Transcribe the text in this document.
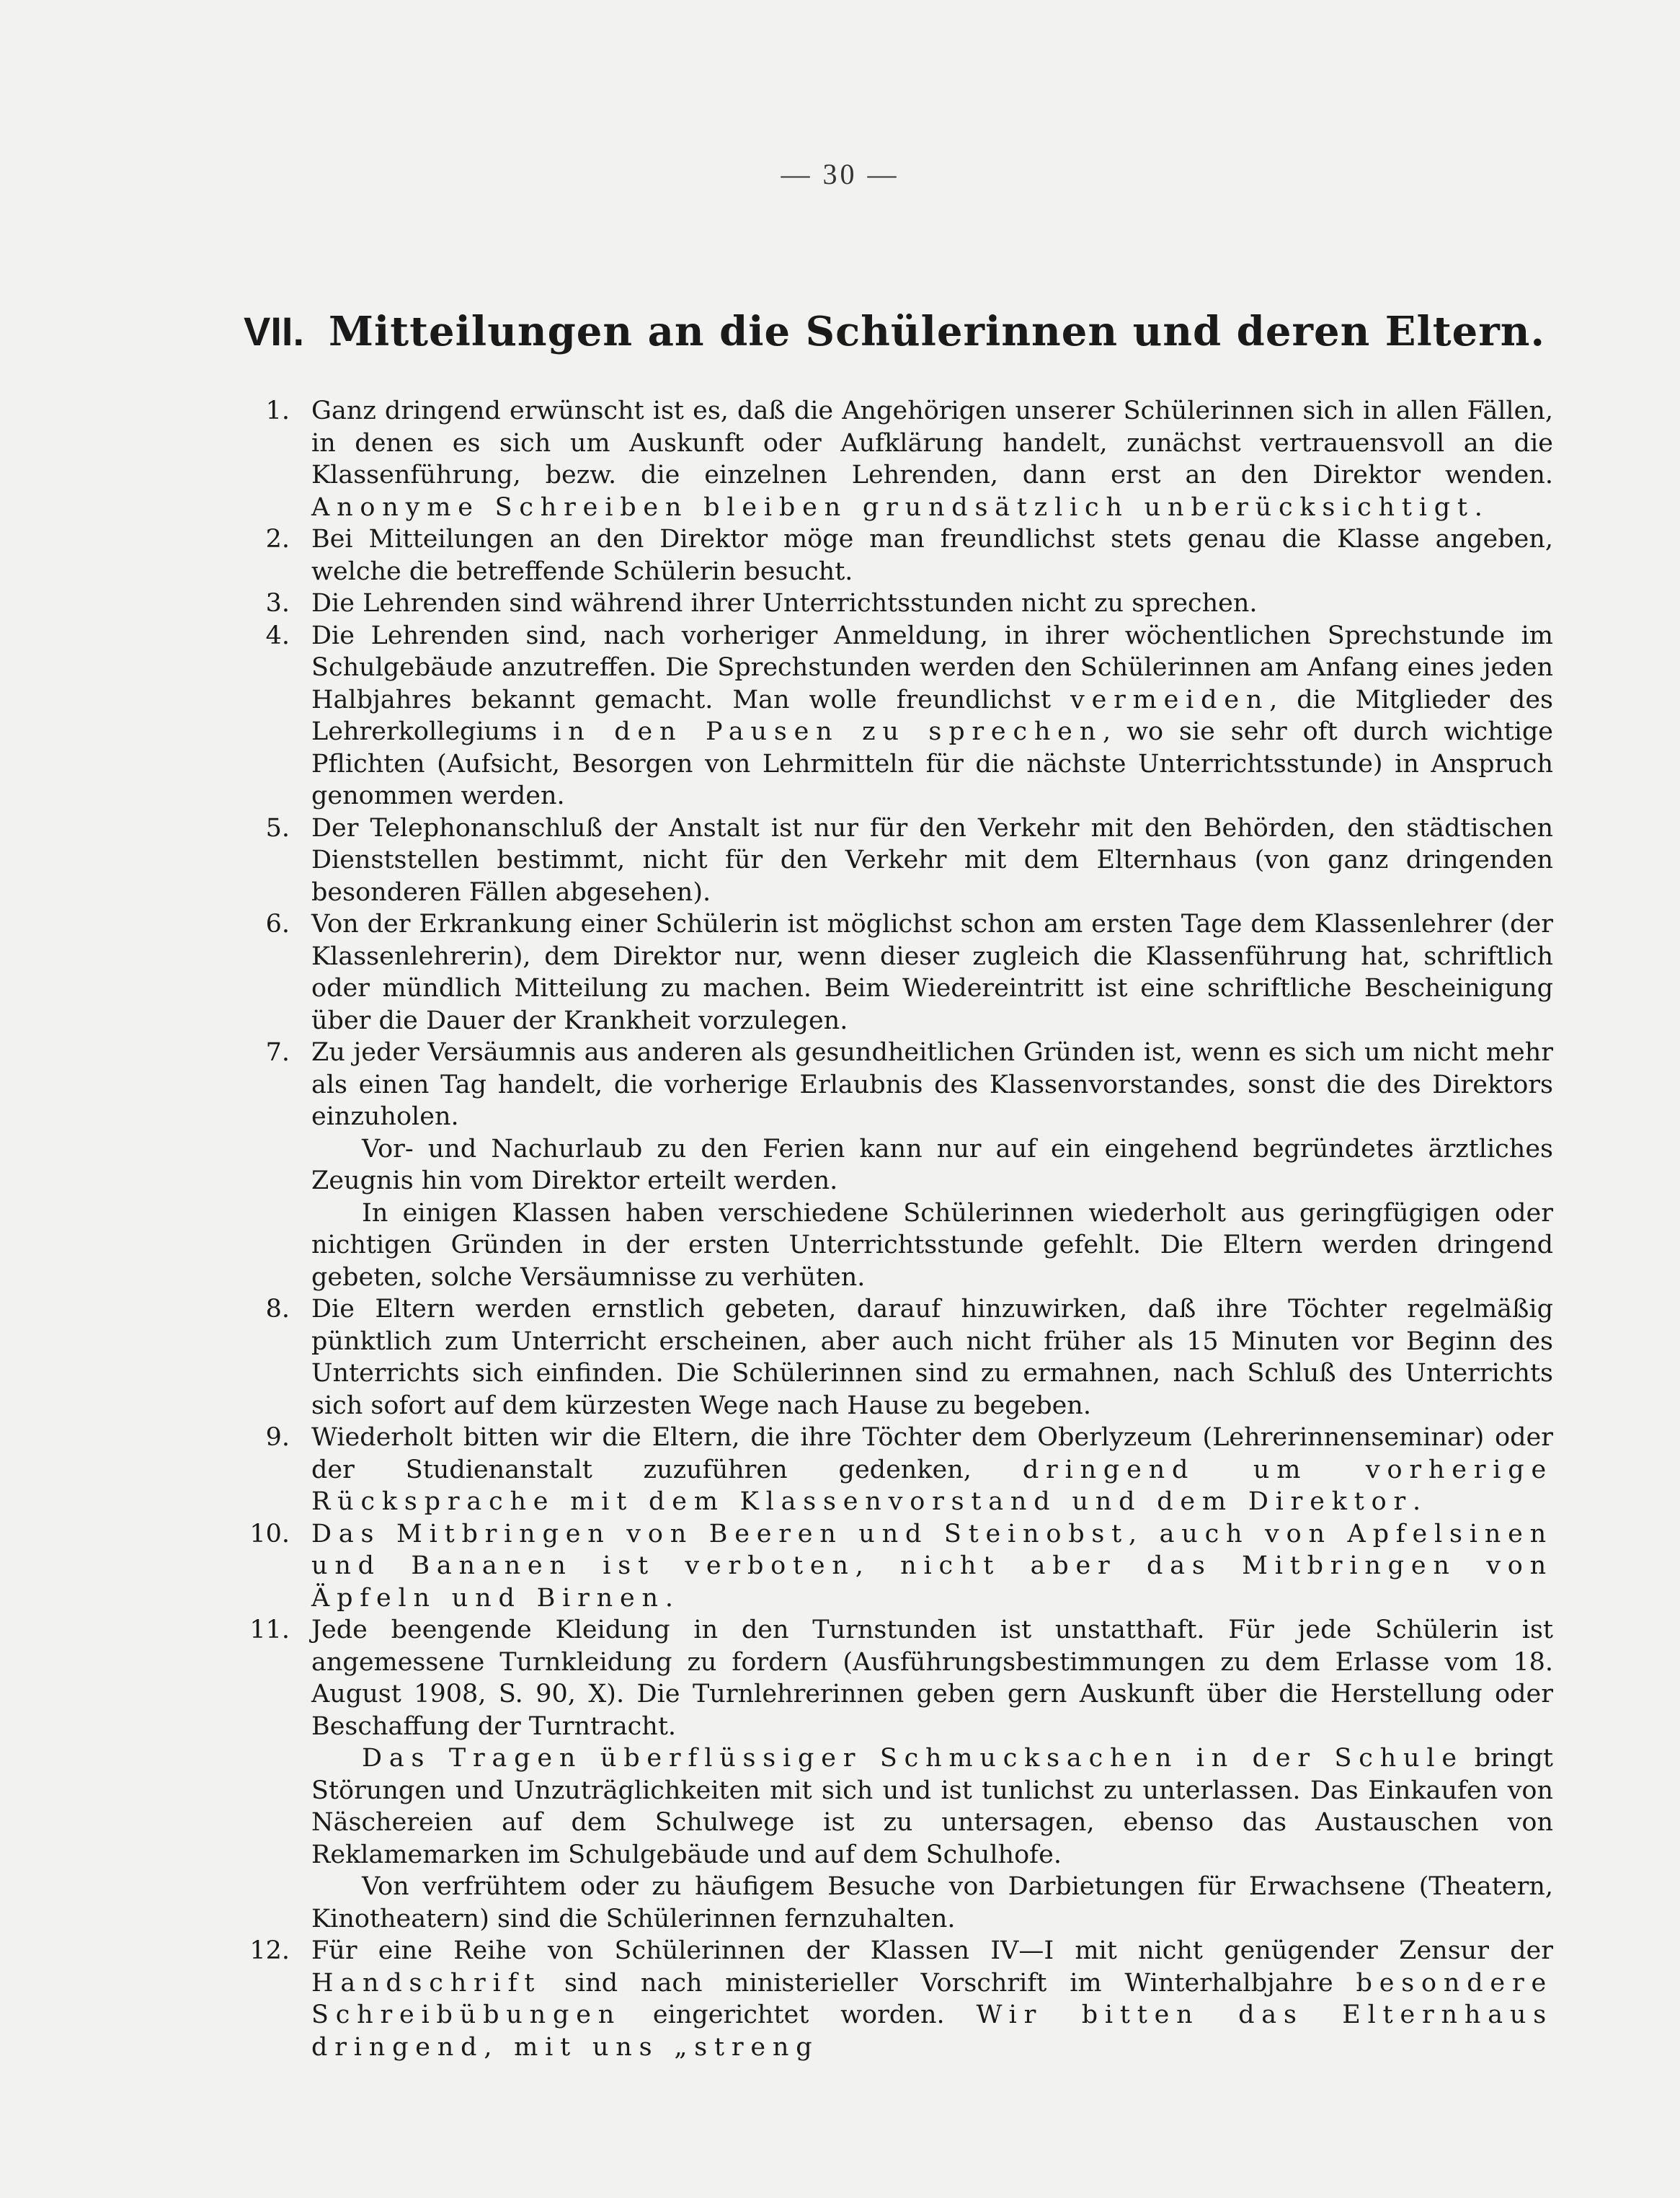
— 30 —
VII. Mitteilungen an die Schülerinnen und deren Eltern.
1. Ganz dringend erwünscht ist es, daß die Angehörigen unserer Schülerinnen sich in allen Fällen, in denen es sich um Auskunft oder Aufklärung handelt, zunächst vertrauensvoll an die Klassenführung, bezw. die einzelnen Lehrenden, dann erst an den Direktor wenden. Anonyme Schreiben bleiben grundsätzlich unberücksichtigt.
2. Bei Mitteilungen an den Direktor möge man freundlichst stets genau die Klasse angeben, welche die betreffende Schülerin besucht.
3. Die Lehrenden sind während ihrer Unterrichtsstunden nicht zu sprechen.
4. Die Lehrenden sind, nach vorheriger Anmeldung, in ihrer wöchentlichen Sprechstunde im Schulgebäude anzutreffen. Die Sprechstunden werden den Schülerinnen am Anfang eines jeden Halbjahres bekannt gemacht. Man wolle freundlichst vermeiden, die Mitglieder des Lehrerkollegiums in den Pausen zu sprechen, wo sie sehr oft durch wichtige Pflichten (Aufsicht, Besorgen von Lehrmitteln für die nächste Unterrichtsstunde) in Anspruch genommen werden.
5. Der Telephonanschluß der Anstalt ist nur für den Verkehr mit den Behörden, den städtischen Dienststellen bestimmt, nicht für den Verkehr mit dem Elternhaus (von ganz dringenden besonderen Fällen abgesehen).
6. Von der Erkrankung einer Schülerin ist möglichst schon am ersten Tage dem Klassenlehrer (der Klassenlehrerin), dem Direktor nur, wenn dieser zugleich die Klassenführung hat, schriftlich oder mündlich Mitteilung zu machen. Beim Wiedereintritt ist eine schriftliche Bescheinigung über die Dauer der Krankheit vorzulegen.
7. Zu jeder Versäumnis aus anderen als gesundheitlichen Gründen ist, wenn es sich um nicht mehr als einen Tag handelt, die vorherige Erlaubnis des Klassenvorstandes, sonst die des Direktors einzuholen.
Vor- und Nachurlaub zu den Ferien kann nur auf ein eingehend begründetes ärztliches Zeugnis hin vom Direktor erteilt werden.
In einigen Klassen haben verschiedene Schülerinnen wiederholt aus geringfügigen oder nichtigen Gründen in der ersten Unterrichtsstunde gefehlt. Die Eltern werden dringend gebeten, solche Versäumnisse zu verhüten.
8. Die Eltern werden ernstlich gebeten, darauf hinzuwirken, daß ihre Töchter regelmäßig pünktlich zum Unterricht erscheinen, aber auch nicht früher als 15 Minuten vor Beginn des Unterrichts sich einfinden. Die Schülerinnen sind zu ermahnen, nach Schluß des Unterrichts sich sofort auf dem kürzesten Wege nach Hause zu begeben.
9. Wiederholt bitten wir die Eltern, die ihre Töchter dem Oberlyzeum (Lehrerinnenseminar) oder der Studienanstalt zuzuführen gedenken, dringend um vorherige Rücksprache mit dem Klassenvorstand und dem Direktor.
10. Das Mitbringen von Beeren und Steinobst, auch von Apfelsinen und Bananen ist verboten, nicht aber das Mitbringen von Äpfeln und Birnen.
11. Jede beengende Kleidung in den Turnstunden ist unstatthaft. Für jede Schülerin ist angemessene Turnkleidung zu fordern (Ausführungsbestimmungen zu dem Erlasse vom 18. August 1908, S. 90, X). Die Turnlehrerinnen geben gern Auskunft über die Herstellung oder Beschaffung der Turntracht.
Das Tragen überflüssiger Schmucksachen in der Schule bringt Störungen und Unzuträglichkeiten mit sich und ist tunlichst zu unterlassen. Das Einkaufen von Näschereien auf dem Schulwege ist zu untersagen, ebenso das Austauschen von Reklamemarken im Schulgebäude und auf dem Schulhofe.
Von verfrühtem oder zu häufigem Besuche von Darbietungen für Erwachsene (Theatern, Kinotheatern) sind die Schülerinnen fernzuhalten.
12. Für eine Reihe von Schülerinnen der Klassen IV—I mit nicht genügender Zensur der Handschrift sind nach ministerieller Vorschrift im Winterhalbjahre besondere Schreibübungen eingerichtet worden. Wir bitten das Elternhaus dringend, mit uns „streng
